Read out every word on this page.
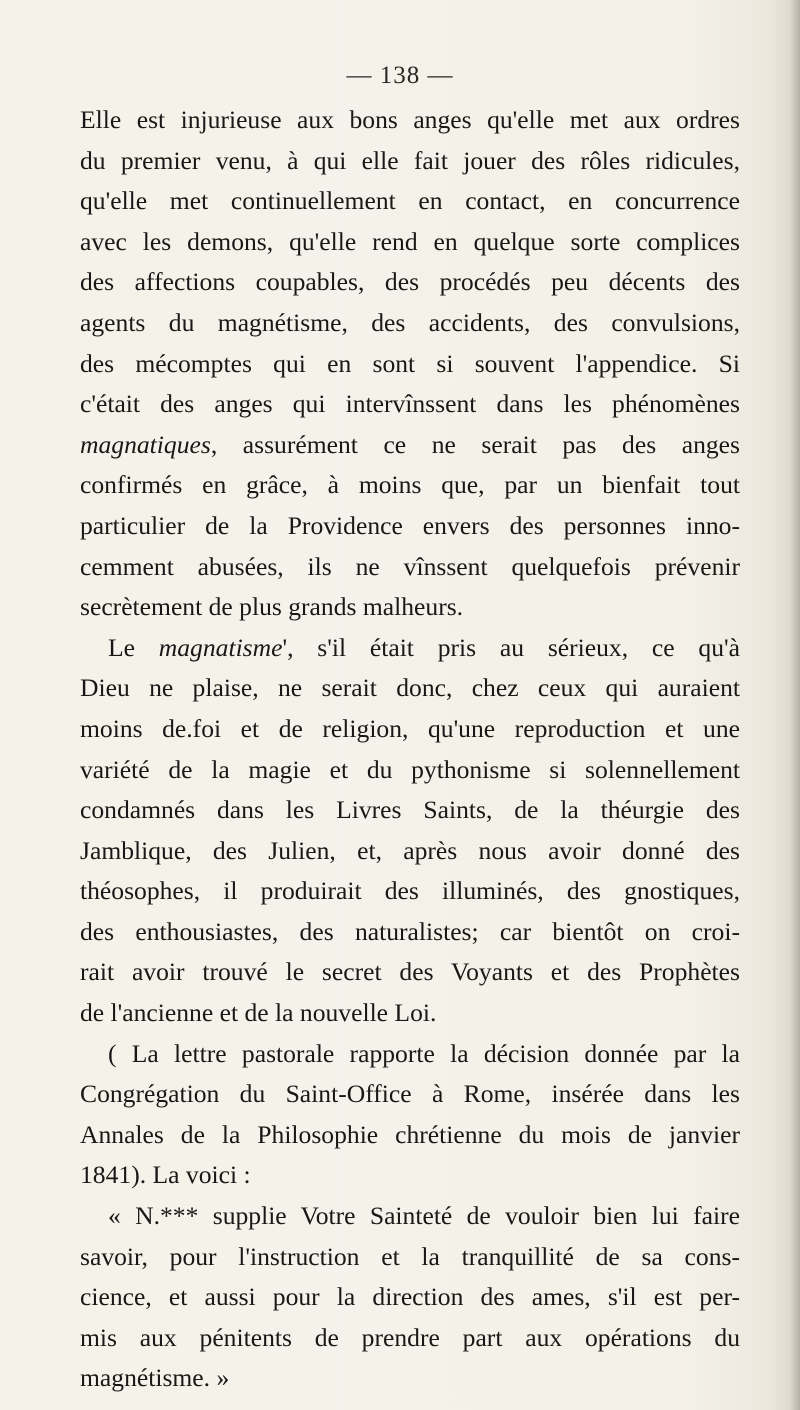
— 138 —
Elle est injurieuse aux bons anges qu'elle met aux ordres
du premier venu, à qui elle fait jouer des rôles ridicules,
qu'elle met continuellement en contact, en concurrence
avec les demons, qu'elle rend en quelque sorte complices
des affections coupables, des procédés peu décents des
agents du magnétisme, des accidents, des convulsions,
des mécomptes qui en sont si souvent l'appendice. Si
c'était des anges qui intervînssent dans les phénomènes
magnatiques, assurément ce ne serait pas des anges
confirmés en grâce, à moins que, par un bienfait tout
particulier de la Providence envers des personnes inno-
cemment abusées, ils ne vînssent quelquefois prévenir
secrètement de plus grands malheurs.
Le magnatisme', s'il était pris au sérieux, ce qu'à
Dieu ne plaise, ne serait donc, chez ceux qui auraient
moins de.foi et de religion, qu'une reproduction et une
variété de la magie et du pythonisme si solennellement
condamnés dans les Livres Saints, de la théurgie des
Jamblique, des Julien, et, après nous avoir donné des
théosophes, il produirait des illuminés, des gnostiques,
des enthousiastes, des naturalistes; car bientôt on croi-
rait avoir trouvé le secret des Voyants et des Prophètes
de l'ancienne et de la nouvelle Loi.
( La lettre pastorale rapporte la décision donnée par la
Congrégation du Saint-Office à Rome, insérée dans les
Annales de la Philosophie chrétienne du mois de janvier
1841). La voici :
« N.*** supplie Votre Sainteté de vouloir bien lui faire
savoir, pour l'instruction et la tranquillité de sa cons-
cience, et aussi pour la direction des ames, s'il est per-
mis aux pénitents de prendre part aux opérations du
magnétisme. »
